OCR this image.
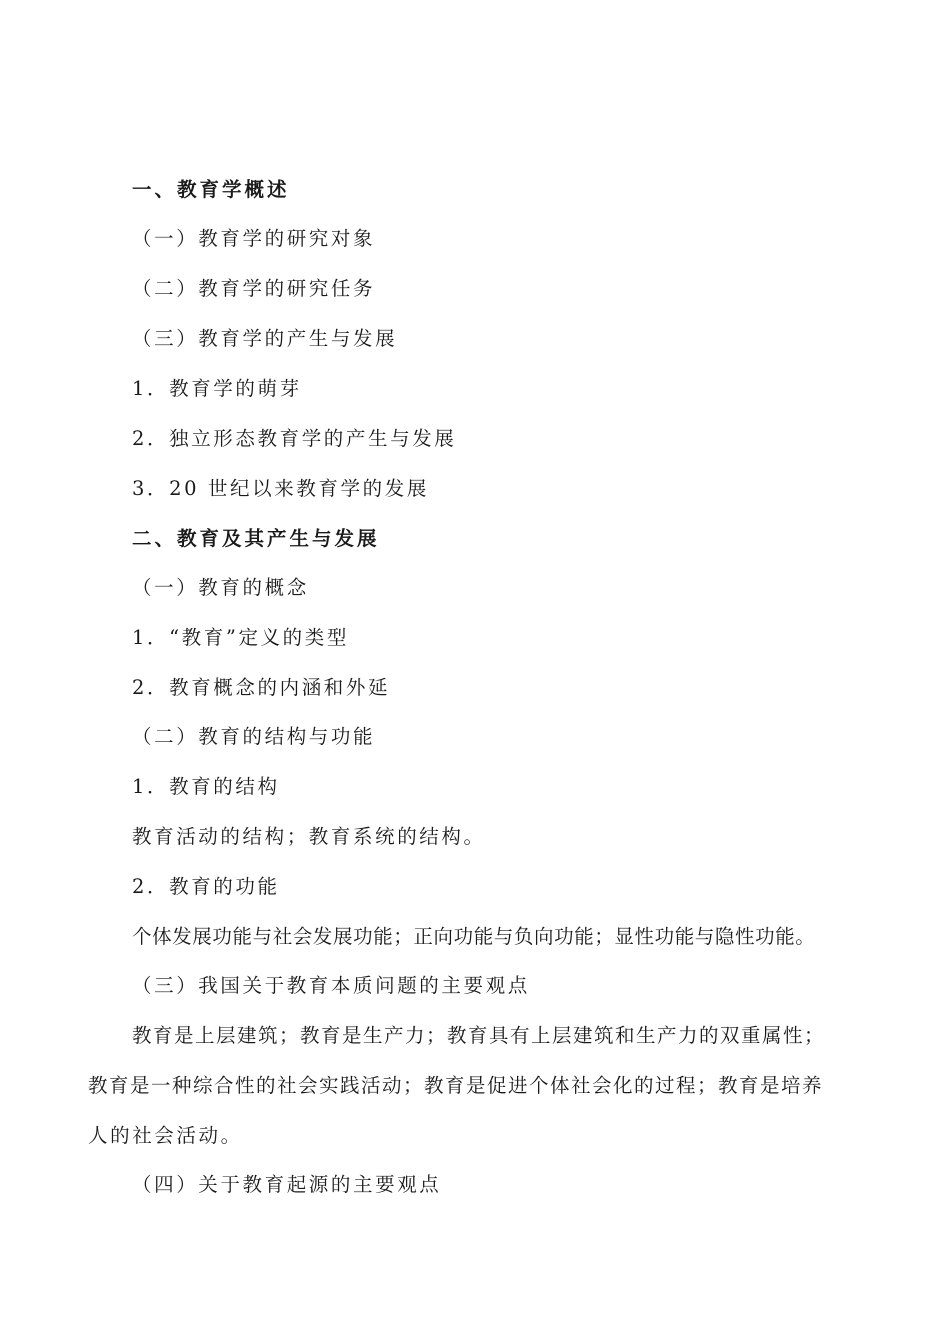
一、教育学概述
（一）教育学的研究对象
（二）教育学的研究任务
（三）教育学的产生与发展
1．教育学的萌芽
2．独立形态教育学的产生与发展
3．20 世纪以来教育学的发展
二、教育及其产生与发展
（一）教育的概念
1．“教育”定义的类型
2．教育概念的内涵和外延
（二）教育的结构与功能
1．教育的结构
教育活动的结构；教育系统的结构。
2．教育的功能
个体发展功能与社会发展功能；正向功能与负向功能；显性功能与隐性功能。
（三）我国关于教育本质问题的主要观点
教育是上层建筑；教育是生产力；教育具有上层建筑和生产力的双重属性；
教育是一种综合性的社会实践活动；教育是促进个体社会化的过程；教育是培养
人的社会活动。
（四）关于教育起源的主要观点
